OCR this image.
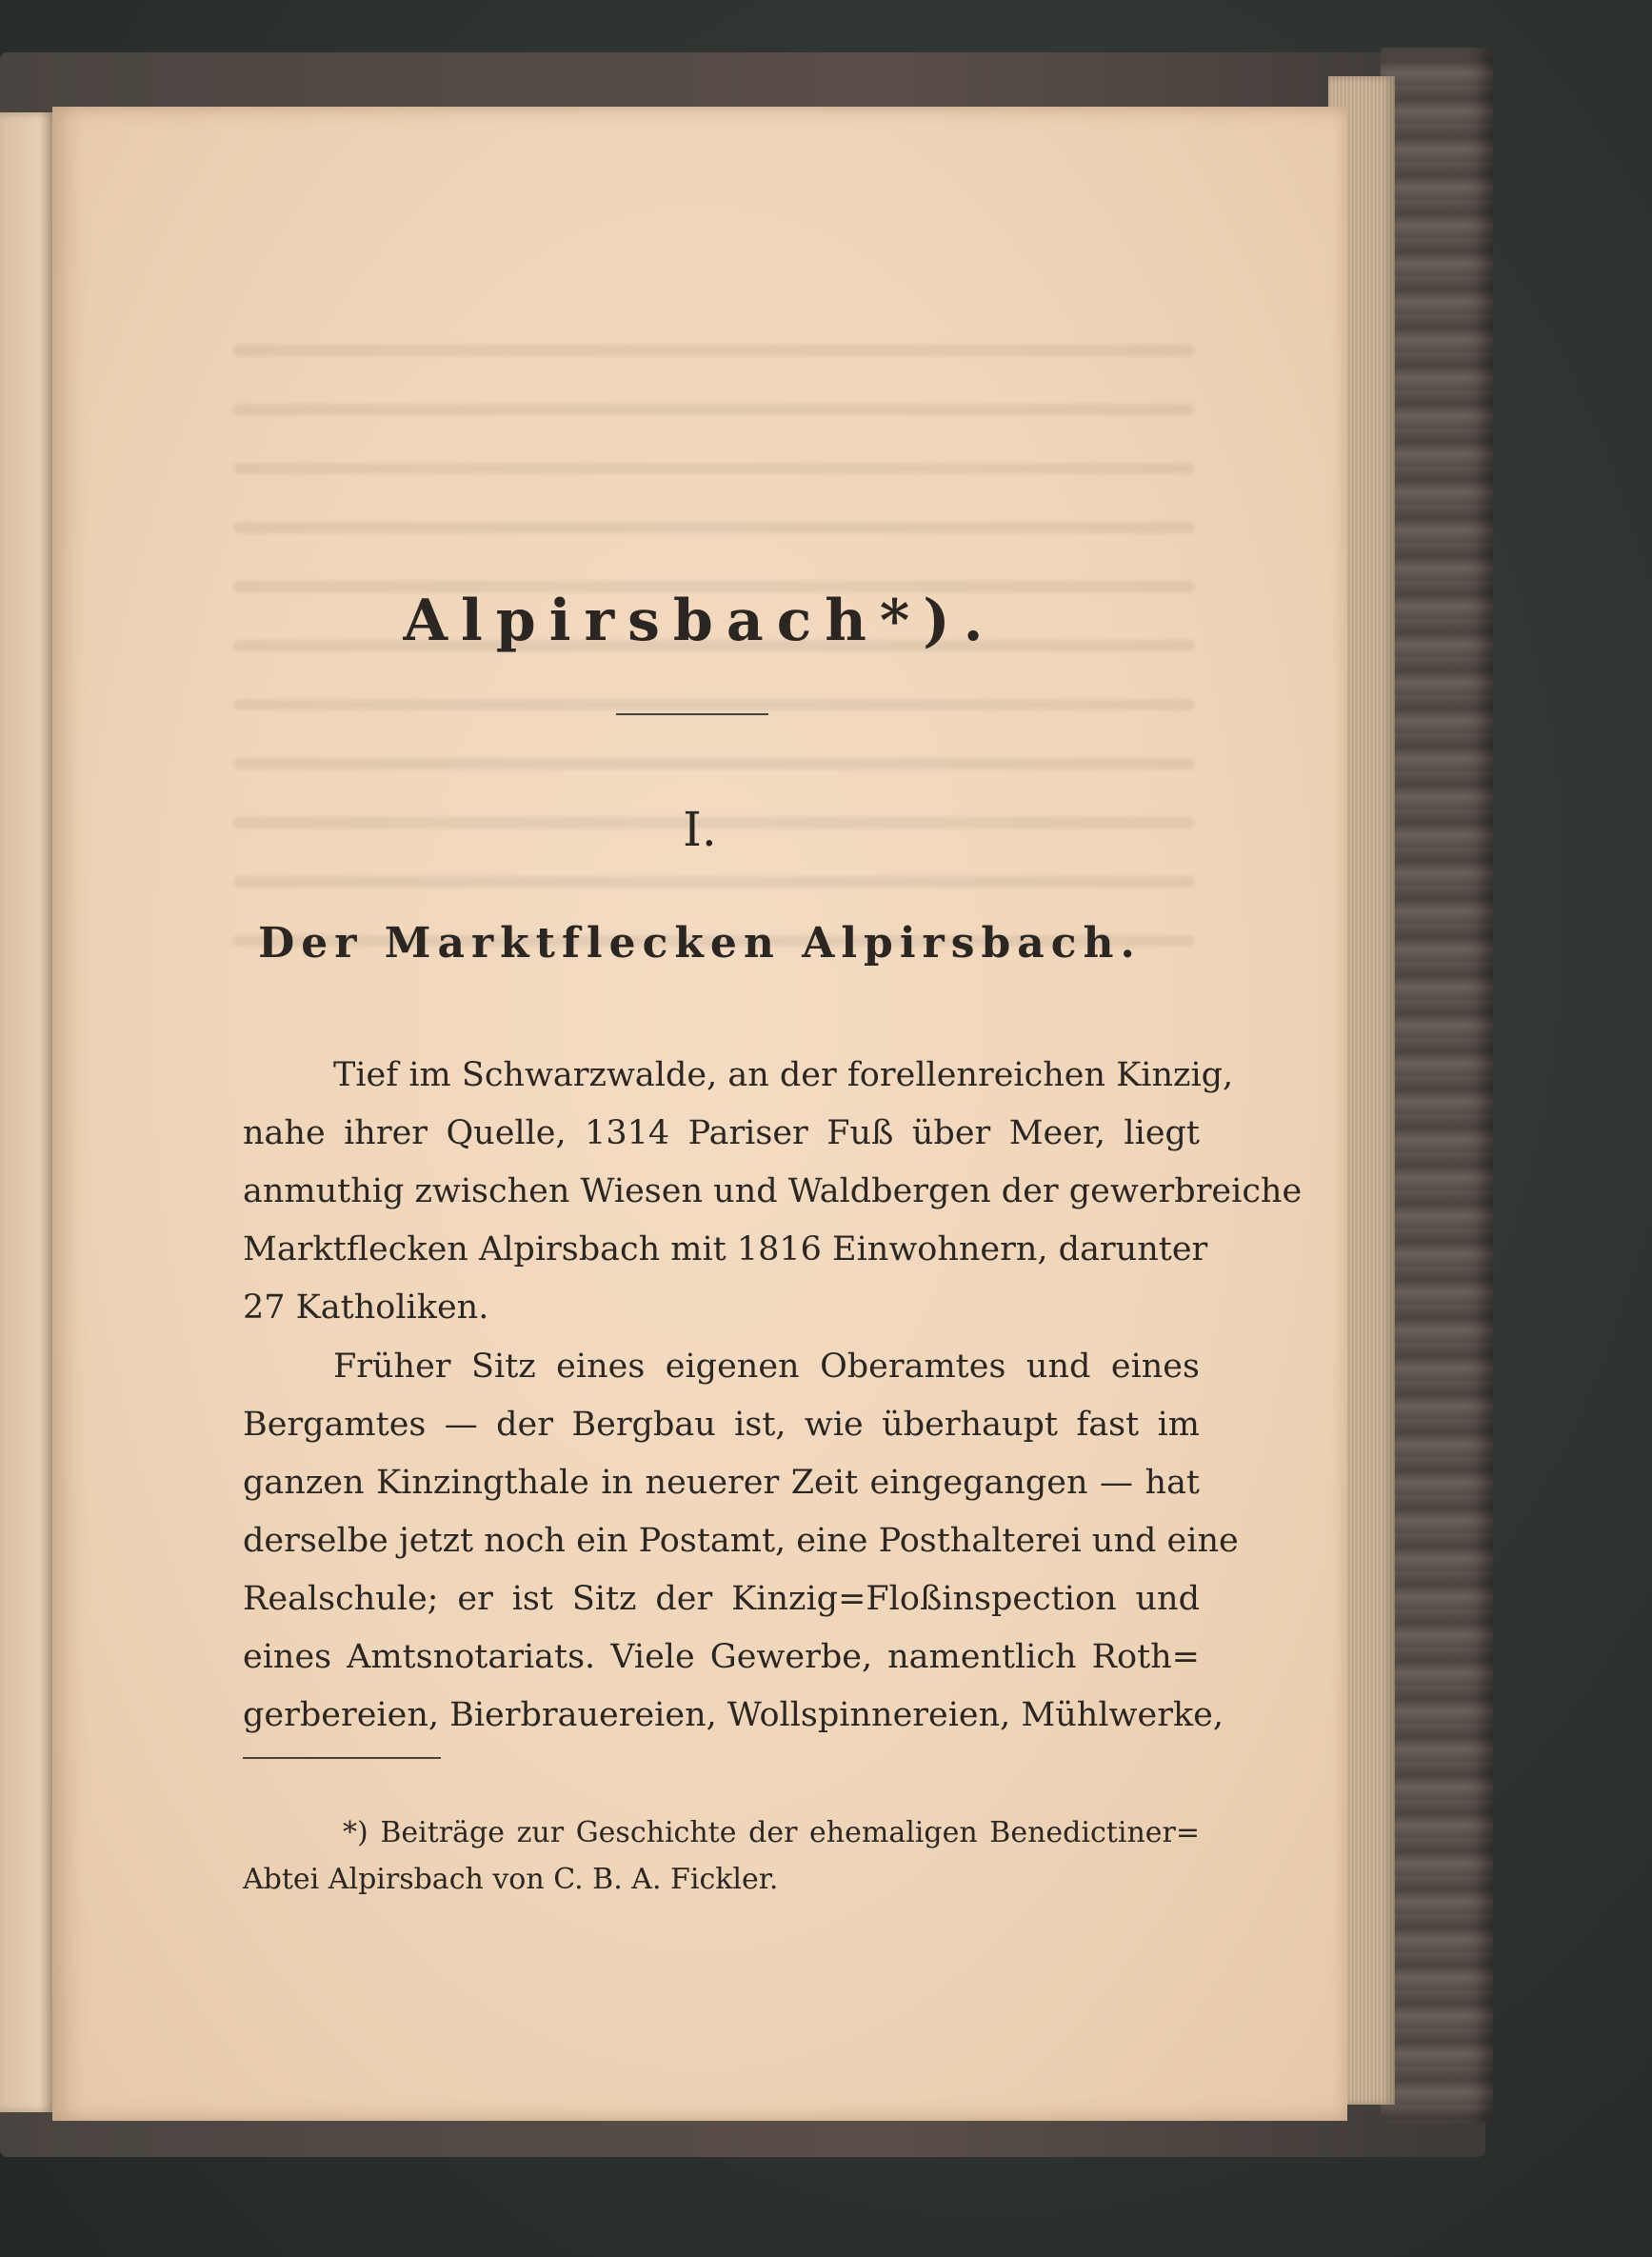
Alpirsbach*).
I.
Der Marktflecken Alpirsbach.
Tief im Schwarzwalde, an der forellenreichen Kinzig,
nahe ihrer Quelle, 1314 Pariser Fuß über Meer, liegt
anmuthig zwischen Wiesen und Waldbergen der gewerbreiche
Marktflecken Alpirsbach mit 1816 Einwohnern, darunter
27 Katholiken.
Früher Sitz eines eigenen Oberamtes und eines
Bergamtes — der Bergbau ist, wie überhaupt fast im
ganzen Kinzingthale in neuerer Zeit eingegangen — hat
derselbe jetzt noch ein Postamt, eine Posthalterei und eine
Realschule; er ist Sitz der Kinzig=Floßinspection und
eines Amtsnotariats. Viele Gewerbe, namentlich Roth=
gerbereien, Bierbrauereien, Wollspinnereien, Mühlwerke,
*) Beiträge zur Geschichte der ehemaligen Benedictiner=
Abtei Alpirsbach von C. B. A. Fickler.
